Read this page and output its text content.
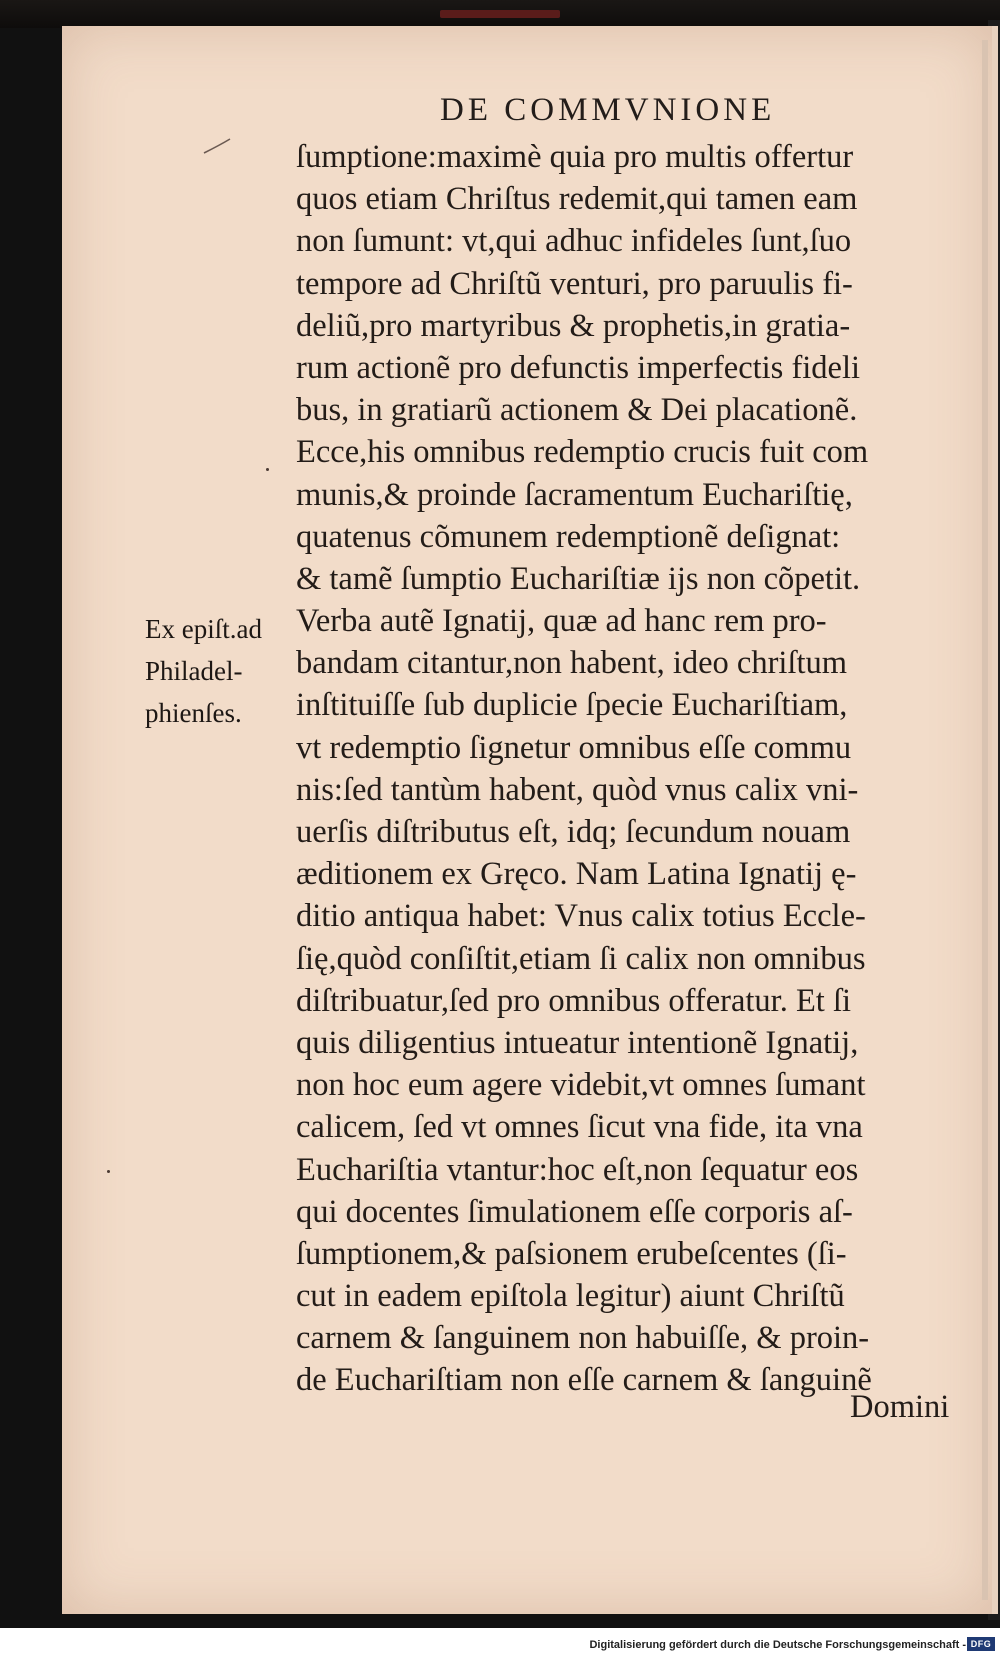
DE COMMVNIONE
Ex epiſt.ad
Philadel-
phienſes.
ſumptione:maximè quia pro multis offertur
quos etiam Chriſtus redemit,qui tamen eam
non ſumunt: vt,qui adhuc infideles ſunt,ſuo
tempore ad Chriſtũ venturi, pro paruulis fi-
deliũ,pro martyribus & prophetis,in gratia-
rum actionẽ pro defunctis imperfectis fideli
bus, in gratiarũ actionem & Dei placationẽ.
Ecce,his omnibus redemptio crucis fuit com
munis,& proinde ſacramentum Euchariſtię,
quatenus cõmunem redemptionẽ deſignat:
& tamẽ ſumptio Euchariſtiæ ijs non cõpetit.
Verba autẽ Ignatij, quæ ad hanc rem pro-
bandam citantur,non habent, ideo chriſtum
inſtituiſſe ſub duplicie ſpecie Euchariſtiam,
vt redemptio ſignetur omnibus eſſe commu
nis:ſed tantùm habent, quòd vnus calix vni-
uerſis diſtributus eſt, idq; ſecundum nouam
æditionem ex Gręco. Nam Latina Ignatij ę-
ditio antiqua habet: Vnus calix totius Eccle-
ſię,quòd conſiſtit,etiam ſi calix non omnibus
diſtribuatur,ſed pro omnibus offeratur. Et ſi
quis diligentius intueatur intentionẽ Ignatij,
non hoc eum agere videbit,vt omnes ſumant
calicem, ſed vt omnes ſicut vna fide, ita vna
Euchariſtia vtantur:hoc eſt,non ſequatur eos
qui docentes ſimulationem eſſe corporis aſ-
ſumptionem,& paſsionem erubeſcentes (ſi-
cut in eadem epiſtola legitur) aiunt Chriſtũ
carnem & ſanguinem non habuiſſe, & proin-
de Euchariſtiam non eſſe carnem & ſanguinẽ
Domini
Digitalisierung gefördert durch die Deutsche Forschungsgemeinschaft - DFG
